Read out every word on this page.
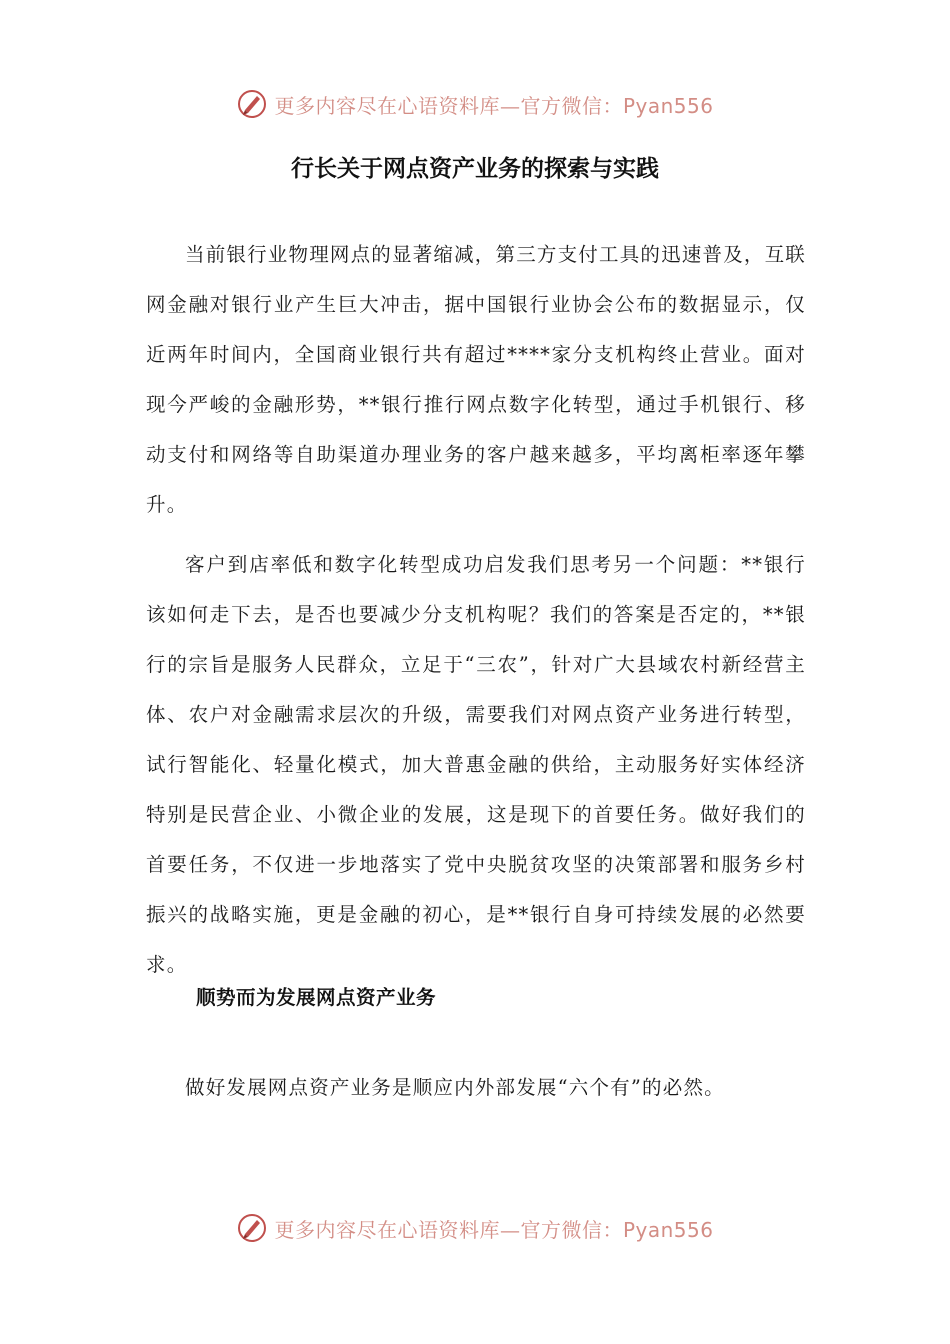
更多内容尽在心语资料库—官方微信：Pyan556
行长关于网点资产业务的探索与实践

当前银行业物理网点的显著缩减，第三方支付工具的迅速普及，互联网金融对银行业产生巨大冲击，据中国银行业协会公布的数据显示，仅近两年时间内，全国商业银行共有超过****家分支机构终止营业。面对现今严峻的金融形势，**银行推行网点数字化转型，通过手机银行、移动支付和网络等自助渠道办理业务的客户越来越多，平均离柜率逐年攀升。

客户到店率低和数字化转型成功启发我们思考另一个问题：**银行该如何走下去，是否也要减少分支机构呢？我们的答案是否定的，**银行的宗旨是服务人民群众，立足于“三农”，针对广大县域农村新经营主体、农户对金融需求层次的升级，需要我们对网点资产业务进行转型，试行智能化、轻量化模式，加大普惠金融的供给，主动服务好实体经济特别是民营企业、小微企业的发展，这是现下的首要任务。做好我们的首要任务，不仅进一步地落实了党中央脱贫攻坚的决策部署和服务乡村振兴的战略实施，更是金融的初心，是**银行自身可持续发展的必然要求。

顺势而为发展网点资产业务

做好发展网点资产业务是顺应内外部发展“六个有”的必然。

更多内容尽在心语资料库—官方微信：Pyan556
